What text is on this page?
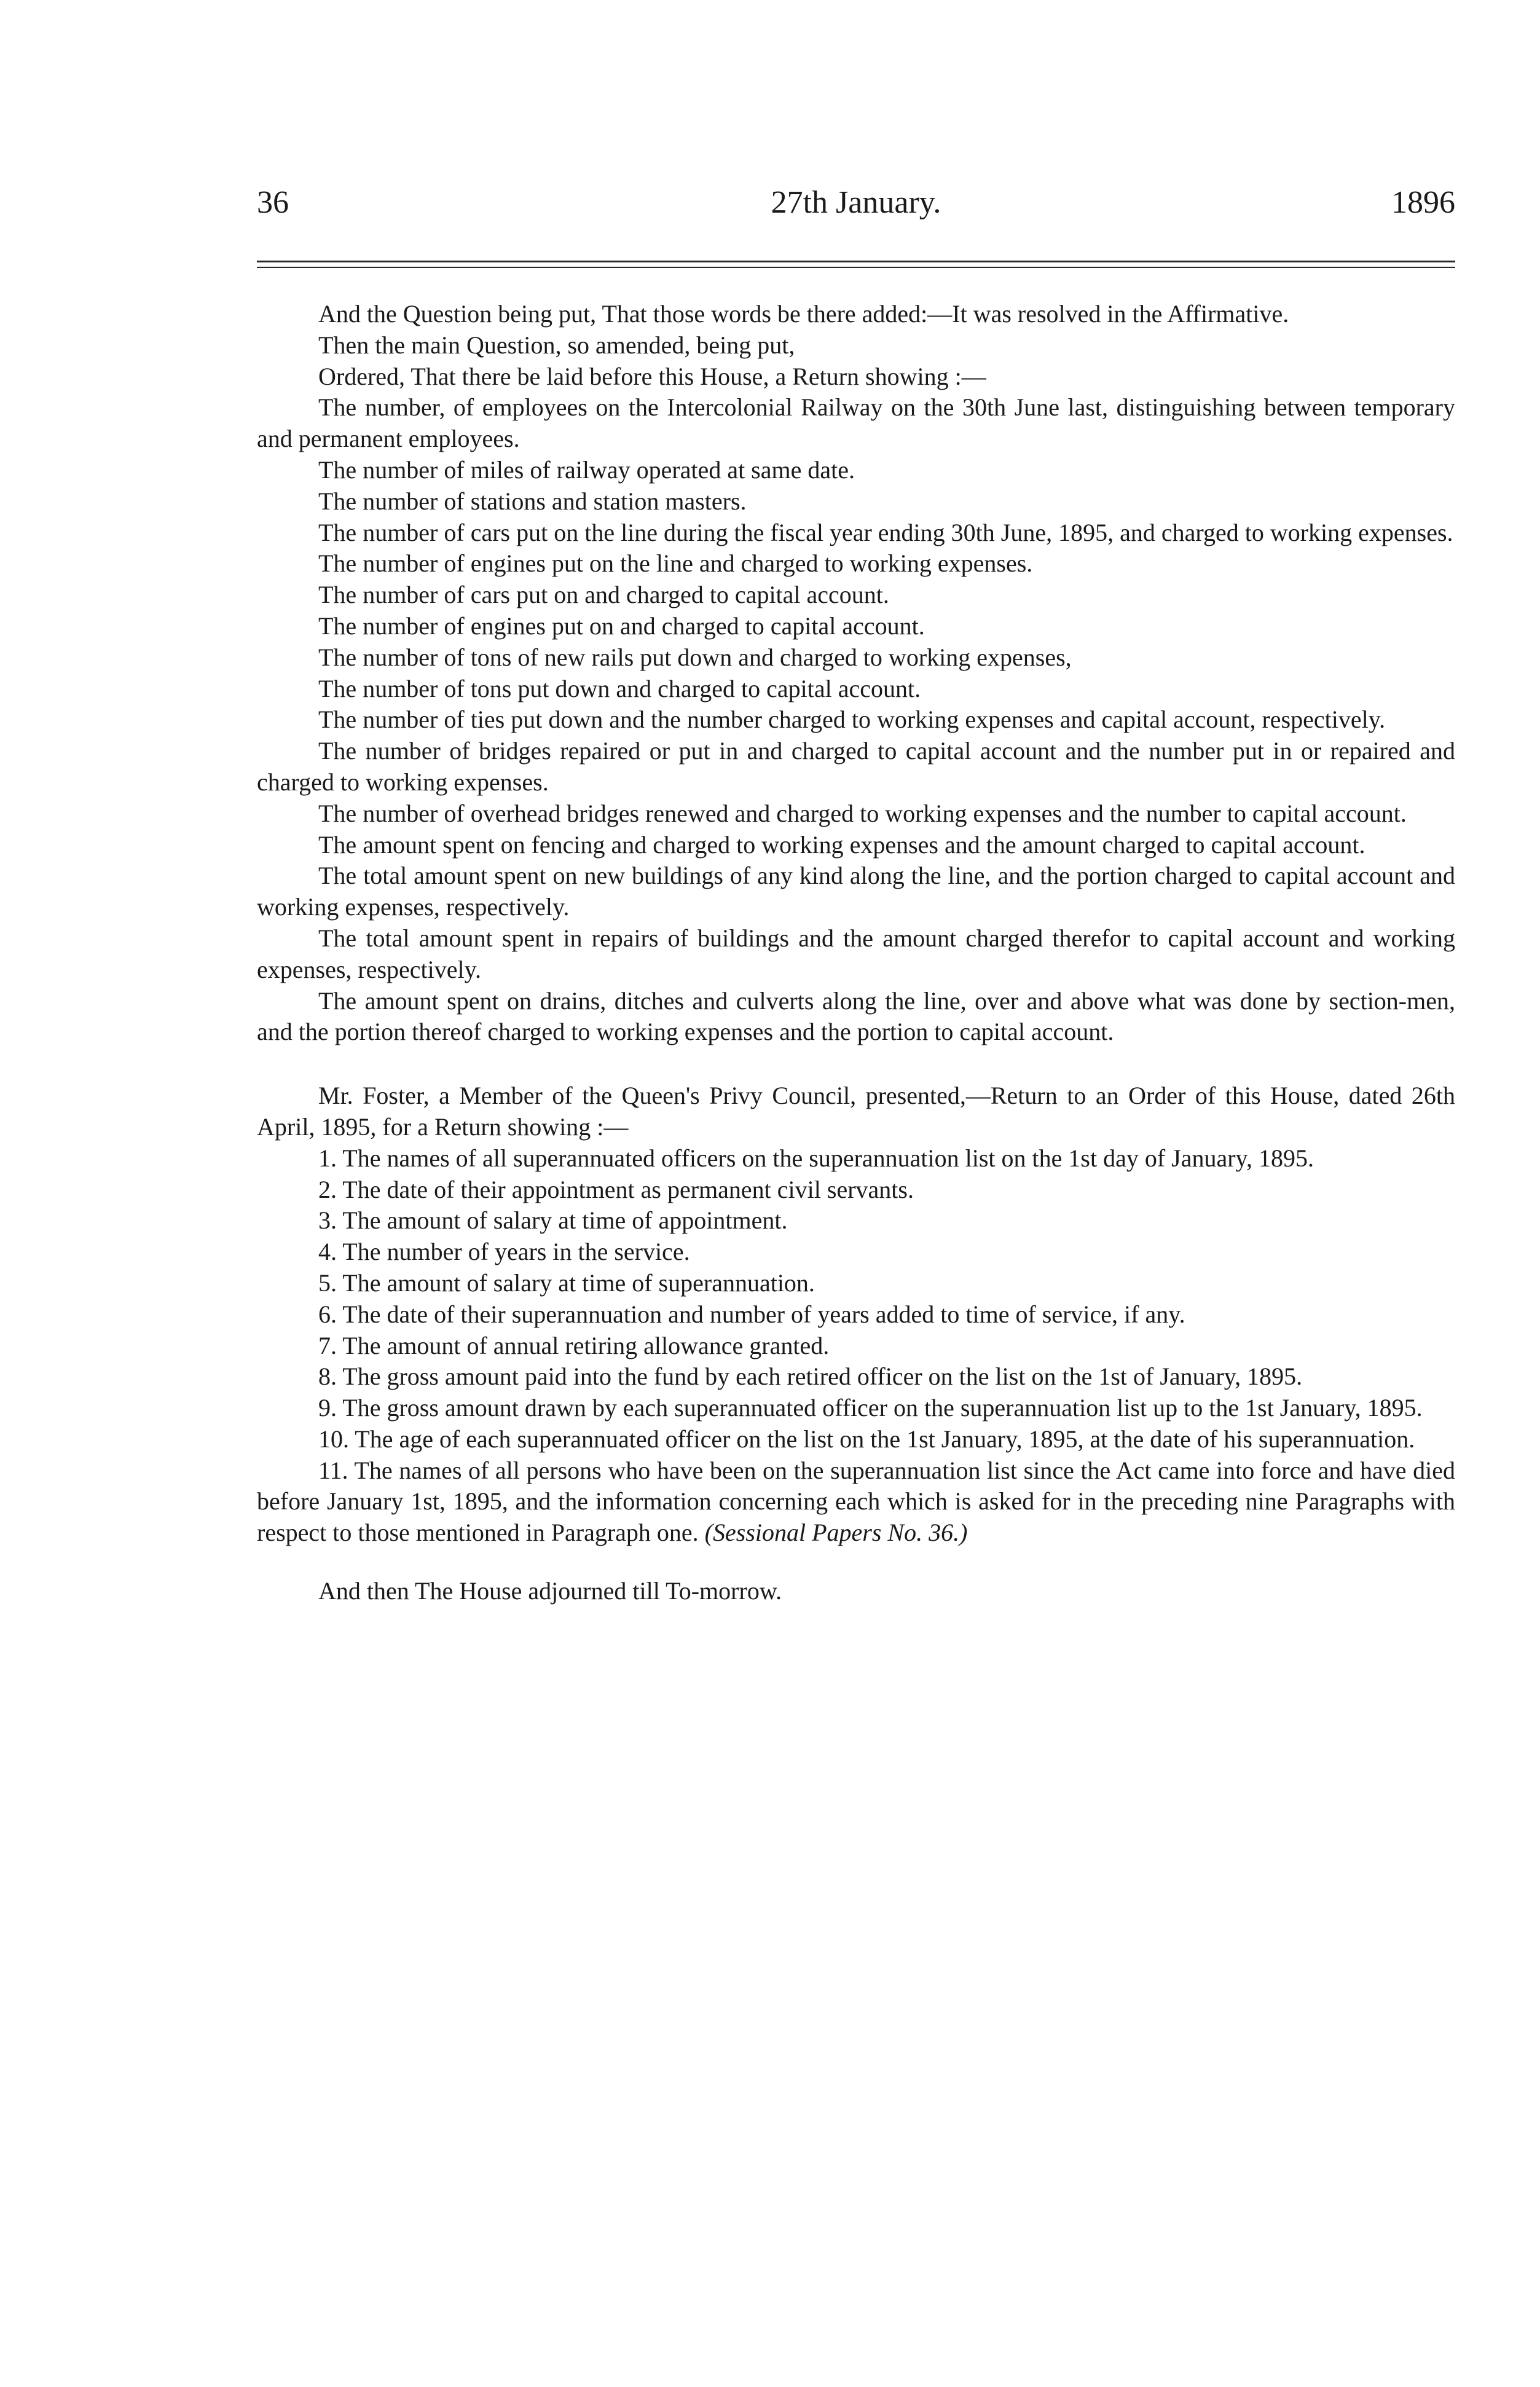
36	27th January.	1896

And the Question being put, That those words be there added:—It was resolved in the Affirmative.

Then the main Question, so amended, being put,

Ordered, That there be laid before this House, a Return showing :—

The number, of employees on the Intercolonial Railway on the 30th June last, distinguishing between temporary and permanent employees.

The number of miles of railway operated at same date.

The number of stations and station masters.

The number of cars put on the line during the fiscal year ending 30th June, 1895, and charged to working expenses.

The number of engines put on the line and charged to working expenses.

The number of cars put on and charged to capital account.

The number of engines put on and charged to capital account.

The number of tons of new rails put down and charged to working expenses,

The number of tons put down and charged to capital account.

The number of ties put down and the number charged to working expenses and capital account, respectively.

The number of bridges repaired or put in and charged to capital account and the number put in or repaired and charged to working expenses.

The number of overhead bridges renewed and charged to working expenses and the number to capital account.

The amount spent on fencing and charged to working expenses and the amount charged to capital account.

The total amount spent on new buildings of any kind along the line, and the portion charged to capital account and working expenses, respectively.

The total amount spent in repairs of buildings and the amount charged therefor to capital account and working expenses, respectively.

The amount spent on drains, ditches and culverts along the line, over and above what was done by section-men, and the portion thereof charged to working expenses and the portion to capital account.

Mr. Foster, a Member of the Queen's Privy Council, presented,—Return to an Order of this House, dated 26th April, 1895, for a Return showing :—

1. The names of all superannuated officers on the superannuation list on the 1st day of January, 1895.

2. The date of their appointment as permanent civil servants.

3. The amount of salary at time of appointment.

4. The number of years in the service.

5. The amount of salary at time of superannuation.

6. The date of their superannuation and number of years added to time of service, if any.

7. The amount of annual retiring allowance granted.

8. The gross amount paid into the fund by each retired officer on the list on the 1st of January, 1895.

9. The gross amount drawn by each superannuated officer on the superannuation list up to the 1st January, 1895.

10. The age of each superannuated officer on the list on the 1st January, 1895, at the date of his superannuation.

11. The names of all persons who have been on the superannuation list since the Act came into force and have died before January 1st, 1895, and the information concerning each which is asked for in the preceding nine Paragraphs with respect to those mentioned in Paragraph one. (Sessional Papers No. 36.)

And then The House adjourned till To-morrow.
